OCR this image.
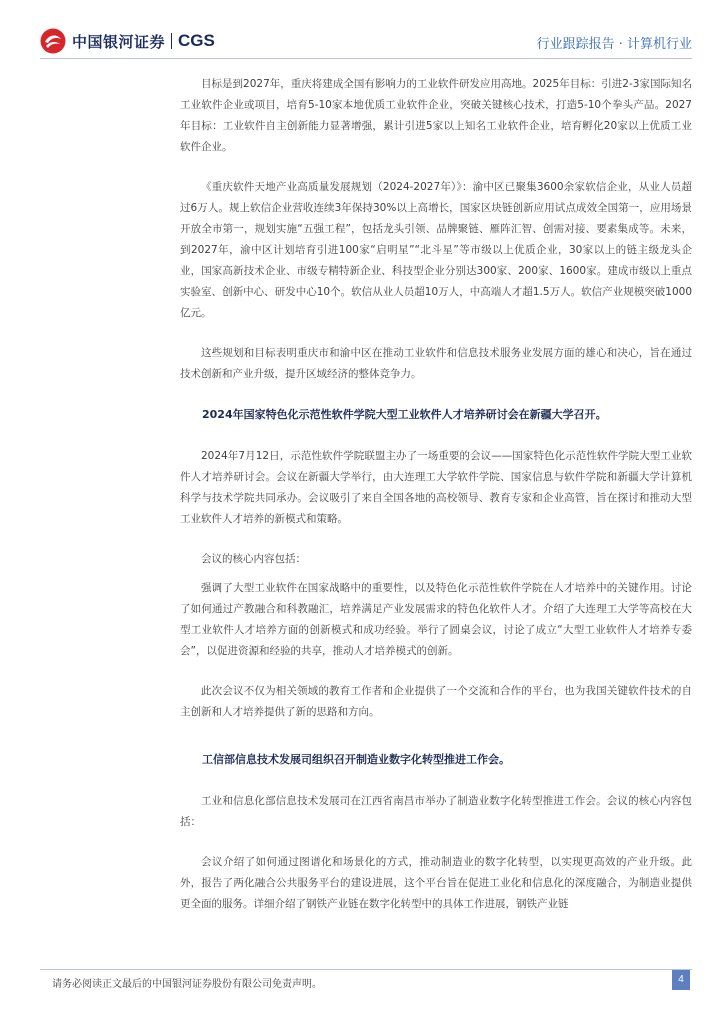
中国银河证券 CGS	行业跟踪报告 · 计算机行业

目标是到2027年，重庆将建成全国有影响力的工业软件研发应用高地。2025年目标：引进2-3家国际知名工业软件企业或项目，培育5-10家本地优质工业软件企业，突破关键核心技术，打造5-10个拳头产品。2027年目标：工业软件自主创新能力显著增强，累计引进5家以上知名工业软件企业，培育孵化20家以上优质工业软件企业。

《重庆软件天地产业高质量发展规划（2024-2027年）》：渝中区已聚集3600余家软信企业，从业人员超过6万人。规上软信企业营收连续3年保持30%以上高增长，国家区块链创新应用试点成效全国第一，应用场景开放全市第一，规划实施“五强工程”，包括龙头引领、品牌聚链、雁阵汇智、创需对接、要素集成等。未来，到2027年，渝中区计划培育引进100家“启明星”“北斗星”等市级以上优质企业，30家以上的链主级龙头企业，国家高新技术企业、市级专精特新企业、科技型企业分别达300家、200家、1600家。建成市级以上重点实验室、创新中心、研发中心10个。软信从业人员超10万人，中高端人才超1.5万人。软信产业规模突破1000亿元。

这些规划和目标表明重庆市和渝中区在推动工业软件和信息技术服务业发展方面的雄心和决心，旨在通过技术创新和产业升级，提升区域经济的整体竞争力。

2024年国家特色化示范性软件学院大型工业软件人才培养研讨会在新疆大学召开。

2024年7月12日，示范性软件学院联盟主办了一场重要的会议——国家特色化示范性软件学院大型工业软件人才培养研讨会。会议在新疆大学举行，由大连理工大学软件学院、国家信息与软件学院和新疆大学计算机科学与技术学院共同承办。会议吸引了来自全国各地的高校领导、教育专家和企业高管，旨在探讨和推动大型工业软件人才培养的新模式和策略。

会议的核心内容包括：

强调了大型工业软件在国家战略中的重要性，以及特色化示范性软件学院在人才培养中的关键作用。讨论了如何通过产教融合和科教融汇，培养满足产业发展需求的特色化软件人才。介绍了大连理工大学等高校在大型工业软件人才培养方面的创新模式和成功经验。举行了圆桌会议，讨论了成立“大型工业软件人才培养专委会”，以促进资源和经验的共享，推动人才培养模式的创新。

此次会议不仅为相关领域的教育工作者和企业提供了一个交流和合作的平台，也为我国关键软件技术的自主创新和人才培养提供了新的思路和方向。

工信部信息技术发展司组织召开制造业数字化转型推进工作会。

工业和信息化部信息技术发展司在江西省南昌市举办了制造业数字化转型推进工作会。会议的核心内容包括：

会议介绍了如何通过图谱化和场景化的方式，推动制造业的数字化转型，以实现更高效的产业升级。此外，报告了两化融合公共服务平台的建设进展，这个平台旨在促进工业化和信息化的深度融合，为制造业提供更全面的服务。详细介绍了钢铁产业链在数字化转型中的具体工作进展，钢铁产业链

请务必阅读正文最后的中国银河证券股份有限公司免责声明。	4
